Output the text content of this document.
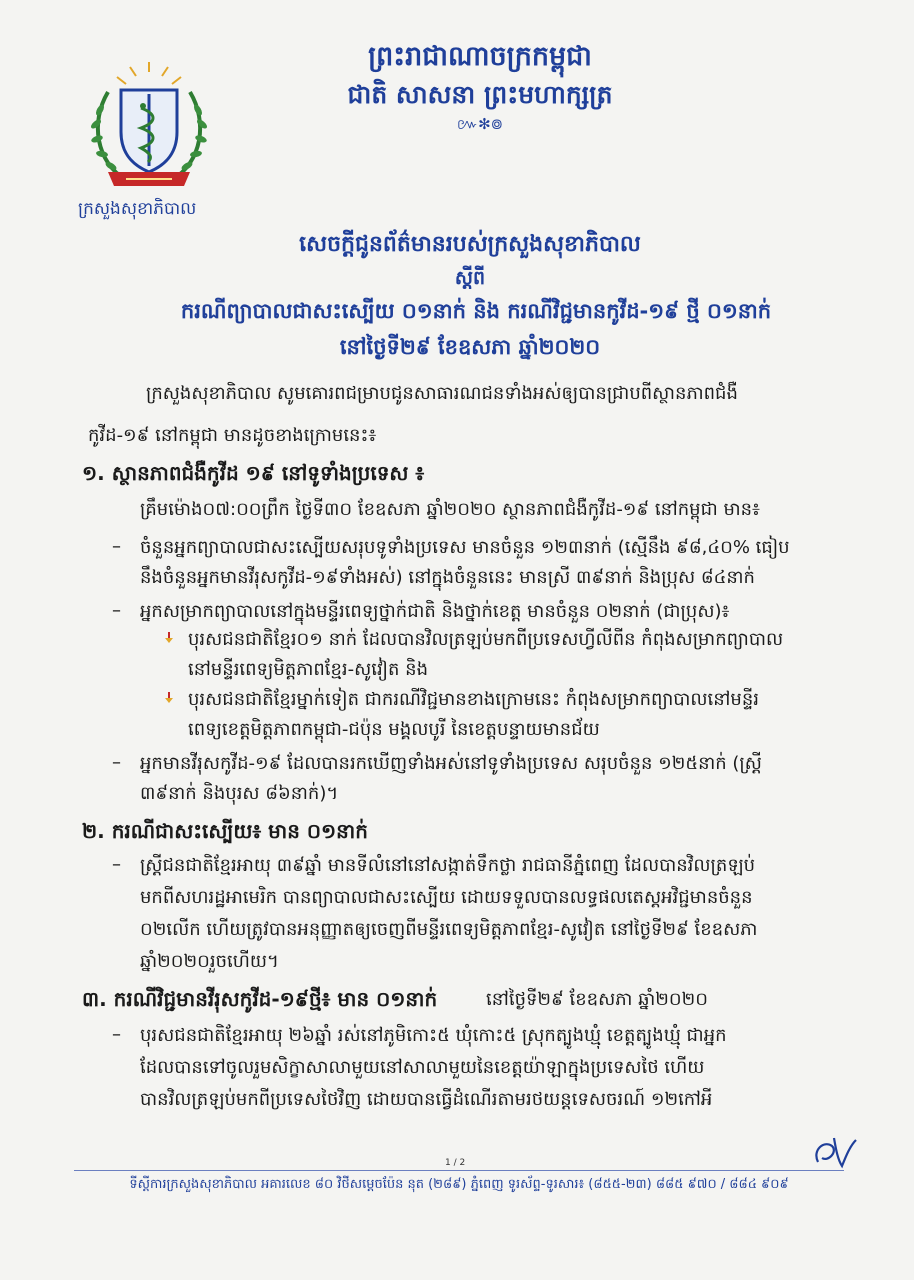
ក្រសួងសុខាភិបាល
ព្រះរាជាណាចក្រកម្ពុជា
ជាតិ សាសនា ព្រះមហាក្សត្រ
៚✻៙
សេចក្តីជូនព័ត៌មានរបស់ក្រសួងសុខាភិបាល
ស្តីពី
ករណីព្យាបាលជាសះស្បើយ ០១នាក់ និង ករណីវិជ្ជមានកូវីដ-១៩ ថ្មី ០១នាក់
នៅថ្ងៃទី២៩ ខែឧសភា ឆ្នាំ២០២០
ក្រសួងសុខាភិបាល សូមគោរពជម្រាបជូនសាធារណជនទាំងអស់ឲ្យបានជ្រាបពីស្ថានភាពជំងឺ
កូវីដ-១៩ នៅកម្ពុជា មានដូចខាងក្រោមនេះ៖
១. ស្ថានភាពជំងឺកូវីដ ១៩ នៅទូទាំងប្រទេស ៖
គ្រឹមម៉ោង០៧:០០ព្រឹក ថ្ងៃទី៣០ ខែឧសភា ឆ្នាំ២០២០ ស្ថានភាពជំងឺកូវីដ-១៩ នៅកម្ពុជា មាន៖
– ចំនួនអ្នកព្យាបាលជាសះស្បើយសរុបទូទាំងប្រទេស មានចំនួន ១២៣នាក់ (ស្មើនឹង ៩៨,៤០% ធៀប
នឹងចំនួនអ្នកមានវីរុសកូវីដ-១៩ទាំងអស់) នៅក្នុងចំនួននេះ មានស្រី ៣៩នាក់ និងប្រុស ៨៤នាក់
– អ្នកសម្រាកព្យាបាលនៅក្នុងមន្ទីរពេទ្យថ្នាក់ជាតិ និងថ្នាក់ខេត្ត មានចំនួន ០២នាក់ (ជាប្រុស)៖
បុរសជនជាតិខ្មែរ០១ នាក់ ដែលបានវិលត្រឡប់មកពីប្រទេសហ្វីលីពីន កំពុងសម្រាកព្យាបាល
នៅមន្ទីរពេទ្យមិត្តភាពខ្មែរ-សូវៀត និង
បុរសជនជាតិខ្មែរម្នាក់ទៀត ជាករណីវិជ្ជមានខាងក្រោមនេះ កំពុងសម្រាកព្យាបាលនៅមន្ទីរ
ពេទ្យខេត្តមិត្តភាពកម្ពុជា-ជប៉ុន មង្គលបូរី នៃខេត្តបន្ទាយមានជ័យ
– អ្នកមានវីរុសកូវីដ-១៩ ដែលបានរកឃើញទាំងអស់នៅទូទាំងប្រទេស សរុបចំនួន ១២៥នាក់ (ស្ត្រី
៣៩នាក់ និងបុរស ៨៦នាក់)។
២. ករណីជាសះស្បើយ៖ មាន ០១នាក់
– ស្ត្រីជនជាតិខ្មែរអាយុ ៣៩ឆ្នាំ មានទីលំនៅនៅសង្កាត់ទឹកថ្លា រាជធានីភ្នំពេញ ដែលបានវិលត្រឡប់
មកពីសហរដ្ឋអាមេរិក បានព្យាបាលជាសះស្បើយ ដោយទទួលបានលទ្ធផលតេស្តអវិជ្ជមានចំនួន
០២លើក ហើយត្រូវបានអនុញ្ញាតឲ្យចេញពីមន្ទីរពេទ្យមិត្តភាពខ្មែរ-សូវៀត នៅថ្ងៃទី២៩ ខែឧសភា
ឆ្នាំ២០២០រួចហើយ។
៣. ករណីវិជ្ជមានវីរុសកូវីដ-១៩ថ្មី៖ មាន ០១នាក់	នៅថ្ងៃទី២៩ ខែឧសភា ឆ្នាំ២០២០
– បុរសជនជាតិខ្មែរអាយុ ២៦ឆ្នាំ រស់នៅភូមិកោះ៥ ឃុំកោះ៥ ស្រុកត្បូងឃ្មុំ ខេត្តត្បូងឃ្មុំ ជាអ្នក
ដែលបានទៅចូលរួមសិក្ខាសាលាមួយនៅសាលាមួយនៃខេត្តយ៉ាឡាក្នុងប្រទេសថៃ ហើយ
បានវិលត្រឡប់មកពីប្រទេសថៃវិញ ដោយបានធ្វើដំណើរតាមរថយន្តទេសចរណ៍ ១២កៅអី
1 / 2
ទីស្តីការក្រសួងសុខាភិបាល អគារលេខ ៨០ វិថីសម្តេចប៉ែន នុត (២៨៩) ភ្នំពេញ ទូរស័ព្ទ-ទូរសារ៖ (៨៥៥-២៣) ៨៨៥ ៩៧០ / ៨៨៤ ៩០៩
